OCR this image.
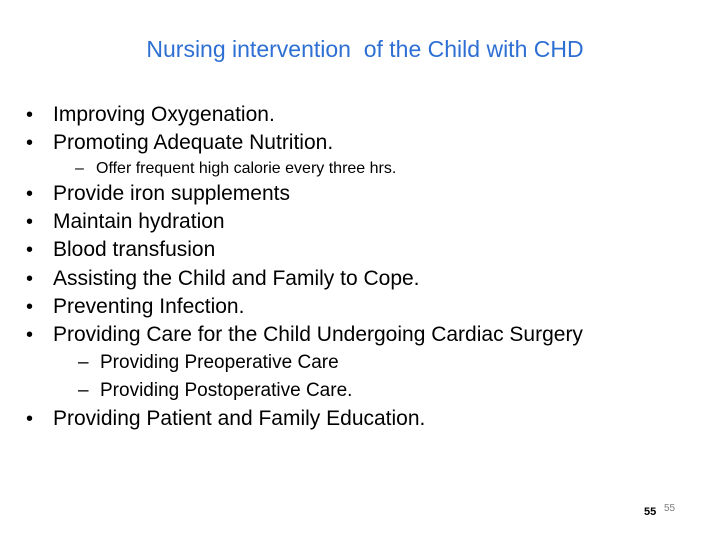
Nursing intervention  of the Child with CHD
• Improving Oxygenation.
• Promoting Adequate Nutrition.
– Offer frequent high calorie every three hrs.
• Provide iron supplements
• Maintain hydration
• Blood transfusion
• Assisting the Child and Family to Cope.
• Preventing Infection.
• Providing Care for the Child Undergoing Cardiac Surgery
– Providing Preoperative Care
– Providing Postoperative Care.
• Providing Patient and Family Education.
55 55
